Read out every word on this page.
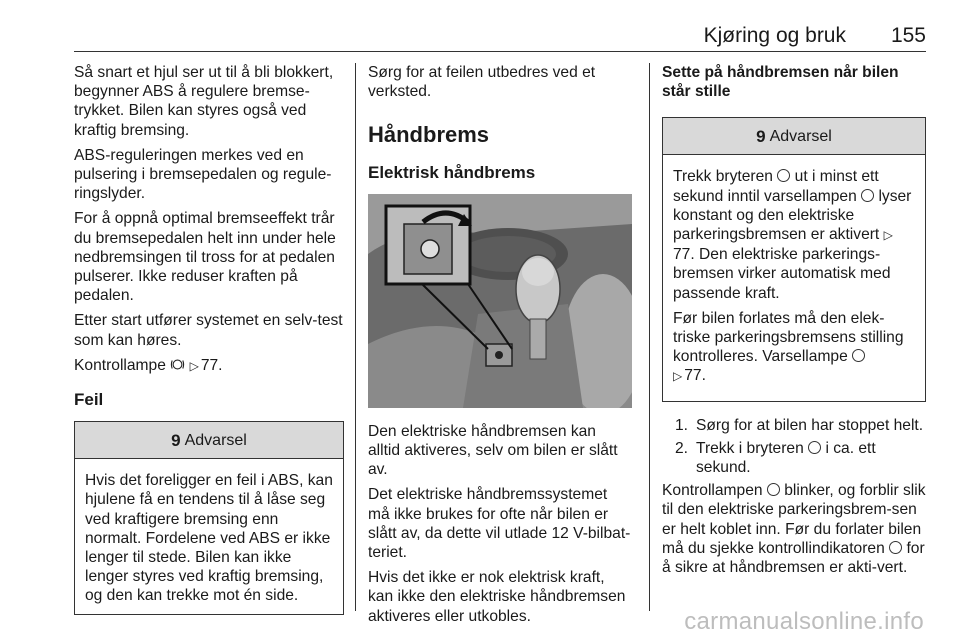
Kjøring og bruk 155

Så snart et hjul ser ut til å bli blokkert, begynner ABS å regulere bremse-trykket. Bilen kan styres også ved kraftig bremsing.

ABS-reguleringen merkes ved en pulsering i bremsepedalen og regule-ringslyder.

For å oppnå optimal bremseeffekt trår du bremsepedalen helt inn under hele nedbremsingen til tross for at pedalen pulserer. Ikke reduser kraften på pedalen.

Etter start utfører systemet en selv-test som kan høres.

Kontrollampe ▷ 77.

Feil
9 Advarsel
Hvis det foreligger en feil i ABS, kan hjulene få en tendens til å låse seg ved kraftigere bremsing enn normalt. Fordelene ved ABS er ikke lenger til stede. Bilen kan ikke lenger styres ved kraftig bremsing, og den kan trekke mot én side.

Sørg for at feilen utbedres ved et verksted.

Håndbrems
Elektrisk håndbrems

Den elektriske håndbremsen kan alltid aktiveres, selv om bilen er slått av.

Det elektriske håndbremssystemet må ikke brukes for ofte når bilen er slått av, da dette vil utlade 12 V-bilbat-teriet.

Hvis det ikke er nok elektrisk kraft, kan ikke den elektriske håndbremsen aktiveres eller utkobles.

Sette på håndbremsen når bilen står stille
9 Advarsel

Trekk bryteren ut i minst ett sekund inntil varsellampen lyser konstant og den elektriske parkeringsbremsen er aktivert ▷77. Den elektriske parkerings-bremsen virker automatisk med passende kraft.

Før bilen forlates må den elek-triske parkeringsbremsens stilling kontrolleres. Varsellampe
▷ 77.

1. Sørg for at bilen har stoppet helt.
2. Trekk i bryteren i ca. ett sekund.

Kontrollampen blinker, og forblir slik til den elektriske parkeringsbrem-sen er helt koblet inn. Før du forlater bilen må du sjekke kontrollindikatoren for å sikre at håndbremsen er akti-vert.

carmanualsonline.info
